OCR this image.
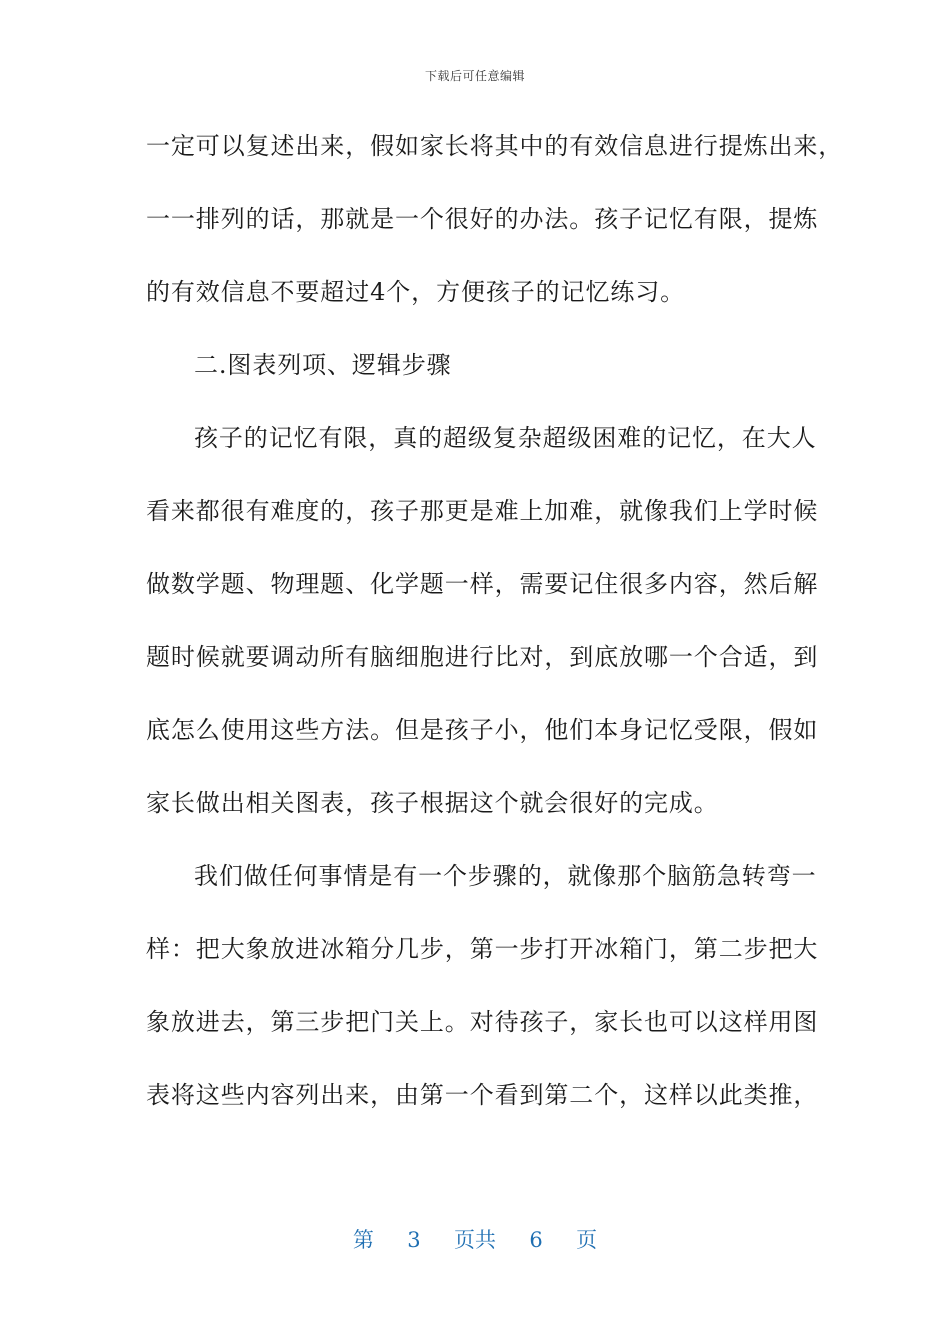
下载后可任意编辑
一定可以复述出来，假如家长将其中的有效信息进行提炼出来，
一一排列的话，那就是一个很好的办法。孩子记忆有限，提炼
的有效信息不要超过4个，方便孩子的记忆练习。
二.图表列项、逻辑步骤
孩子的记忆有限，真的超级复杂超级困难的记忆，在大人
看来都很有难度的，孩子那更是难上加难，就像我们上学时候
做数学题、物理题、化学题一样，需要记住很多内容，然后解
题时候就要调动所有脑细胞进行比对，到底放哪一个合适，到
底怎么使用这些方法。但是孩子小，他们本身记忆受限，假如
家长做出相关图表，孩子根据这个就会很好的完成。
我们做任何事情是有一个步骤的，就像那个脑筋急转弯一
样：把大象放进冰箱分几步，第一步打开冰箱门，第二步把大
象放进去，第三步把门关上。对待孩子，家长也可以这样用图
表将这些内容列出来，由第一个看到第二个，这样以此类推，
第 3 页共 6 页
